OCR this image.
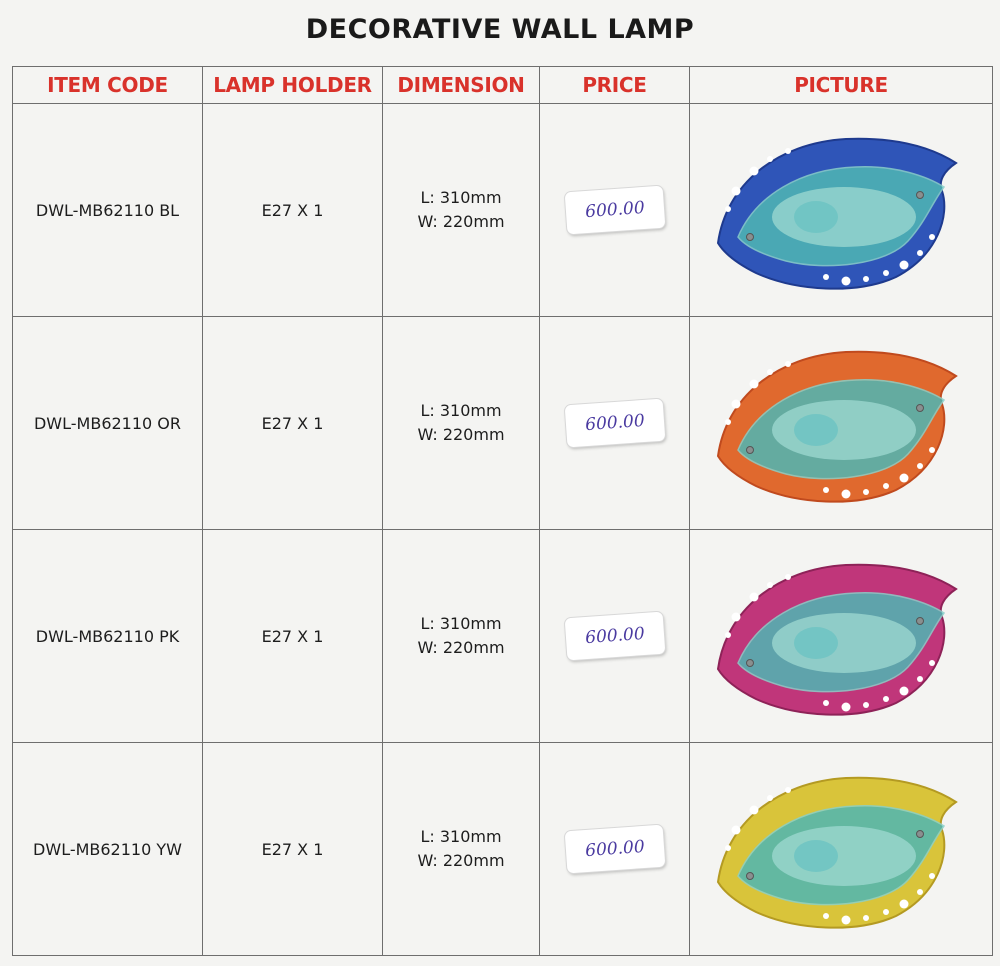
DECORATIVE WALL LAMP
ITEM CODE	LAMP HOLDER	DIMENSION	PRICE	PICTURE
DWL-MB62110 BL	E27 X 1	L: 310mm
W: 220mm	600.00	

DWL-MB62110 OR	E27 X 1	L: 310mm
W: 220mm	600.00	

DWL-MB62110 PK	E27 X 1	L: 310mm
W: 220mm	600.00	

DWL-MB62110 YW	E27 X 1	L: 310mm
W: 220mm	600.00	
